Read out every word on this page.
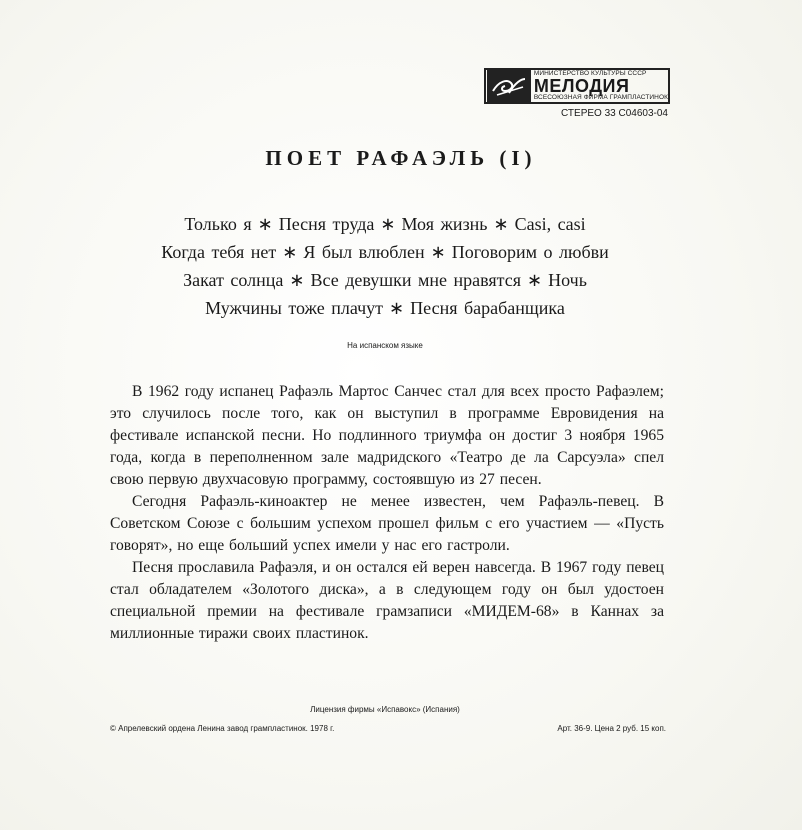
МИНИСТЕРСТВО КУЛЬТУРЫ СССР
МЕЛОДИЯ
ВСЕСОЮЗНАЯ ФИРМА ГРАМПЛАСТИНОК
СТЕРЕО 33 С04603-04
ПОЕТ РАФАЭЛЬ (I)
Только я ∗ Песня труда ∗ Моя жизнь ∗ Casi, casi
Когда тебя нет ∗ Я был влюблен ∗ Поговорим о любви
Закат солнца ∗ Все девушки мне нравятся ∗ Ночь
Мужчины тоже плачут ∗ Песня барабанщика
На испанском языке

В 1962 году испанец Рафаэль Мартос Санчес стал для всех просто Рафаэлем; это случилось после того, как он выступил в программе Евровидения на фестивале испанской песни. Но подлинного триумфа он достиг 3 ноября 1965 года, когда в переполненном зале мадридского «Театро де ла Сарсуэла» спел свою первую двухчасовую программу, состоявшую из 27 песен.

Сегодня Рафаэль-киноактер не менее известен, чем Рафаэль-певец. В Советском Союзе с большим успехом прошел фильм с его участием — «Пусть говорят», но еще больший успех имели у нас его гастроли.

Песня прославила Рафаэля, и он остался ей верен навсегда. В 1967 году певец стал обладателем «Золотого диска», а в следующем году он был удостоен специальной премии на фестивале грамзаписи «МИДЕМ-68» в Каннах за миллионные тиражи своих пластинок.

Лицензия фирмы «Испавокс» (Испания)
© Апрелевский ордена Ленина завод грампластинок. 1978 г.	Арт. 36-9. Цена 2 руб. 15 коп.
